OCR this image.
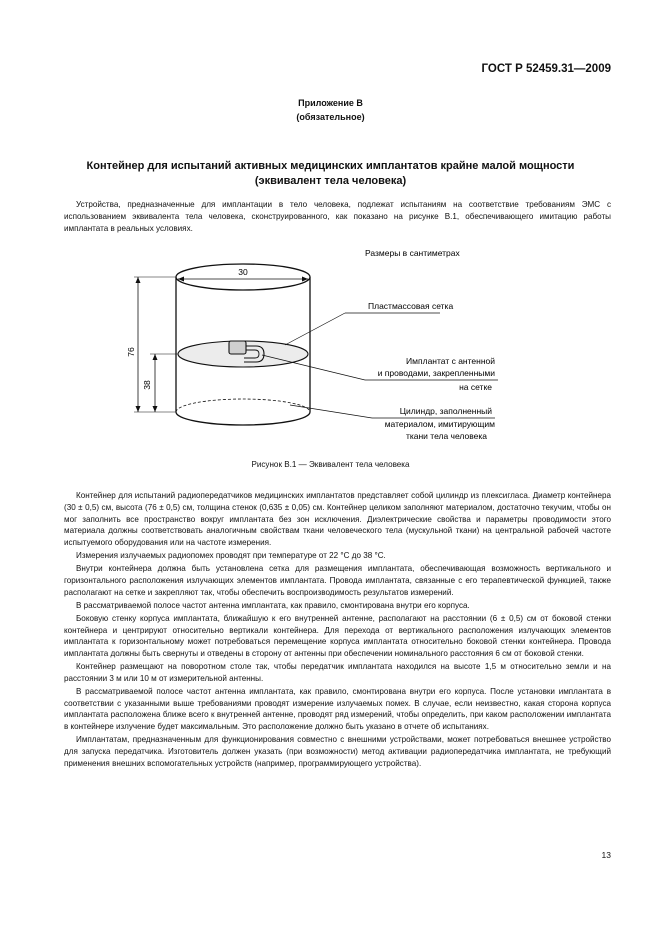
ГОСТ Р 52459.31—2009
Приложение В
(обязательное)
Контейнер для испытаний активных медицинских имплантатов крайне малой мощности
(эквивалент тела человека)

Устройства, предназначенные для имплантации в тело человека, подлежат испытаниям на соответствие требованиям ЭМС с использованием эквивалента тела человека, сконструированного, как показано на рисунке В.1, обеспечивающего имитацию работы имплантата в реальных условиях.

Размеры в сантиметрах
30
76
38
Пластмассовая сетка
Имплантат с антенной
и проводами, закрепленными
на сетке
Цилиндр, заполненный
материалом, имитирующим
ткани тела человека
Рисунок В.1 — Эквивалент тела человека

Контейнер для испытаний радиопередатчиков медицинских имплантатов представляет собой цилиндр из плексигласа. Диаметр контейнера (30 ± 0,5) см, высота (76 ± 0,5) см, толщина стенок (0,635 ± 0,05) см. Контейнер целиком заполняют материалом, достаточно текучим, чтобы он мог заполнить все пространство вокруг имплантата без зон исключения. Диэлектрические свойства и параметры проводимости этого материала должны соответствовать аналогичным свойствам ткани человеческого тела (мускульной ткани) на центральной рабочей частоте испытуемого оборудования или на частоте измерения.

Измерения излучаемых радиопомех проводят при температуре от 22 °С до 38 °С.

Внутри контейнера должна быть установлена сетка для размещения имплантата, обеспечивающая возможность вертикального и горизонтального расположения излучающих элементов имплантата. Провода имплантата, связанные с его терапевтической функцией, также располагают на сетке и закрепляют так, чтобы обеспечить воспроизводимость результатов измерений.

В рассматриваемой полосе частот антенна имплантата, как правило, смонтирована внутри его корпуса.

Боковую стенку корпуса имплантата, ближайшую к его внутренней антенне, располагают на расстоянии (6 ± 0,5) см от боковой стенки контейнера и центрируют относительно вертикали контейнера. Для перехода от вертикального расположения излучающих элементов имплантата к горизонтальному может потребоваться перемещение корпуса имплантата относительно боковой стенки контейнера. Провода имплантата должны быть свернуты и отведены в сторону от антенны при обеспечении номинального расстояния 6 см от боковой стенки.

Контейнер размещают на поворотном столе так, чтобы передатчик имплантата находился на высоте 1,5 м относительно земли и на расстоянии 3 м или 10 м от измерительной антенны.

В рассматриваемой полосе частот антенна имплантата, как правило, смонтирована внутри его корпуса. После установки имплантата в соответствии с указанными выше требованиями проводят измерение излучаемых помех. В случае, если неизвестно, какая сторона корпуса имплантата расположена ближе всего к внутренней антенне, проводят ряд измерений, чтобы определить, при каком расположении имплантата в контейнере излучение будет максимальным. Это расположение должно быть указано в отчете об испытаниях.

Имплантатам, предназначенным для функционирования совместно с внешними устройствами, может потребоваться внешнее устройство для запуска передатчика. Изготовитель должен указать (при возможности) метод активации радиопередатчика имплантата, не требующий применения внешних вспомогательных устройств (например, программирующего устройства).

13
